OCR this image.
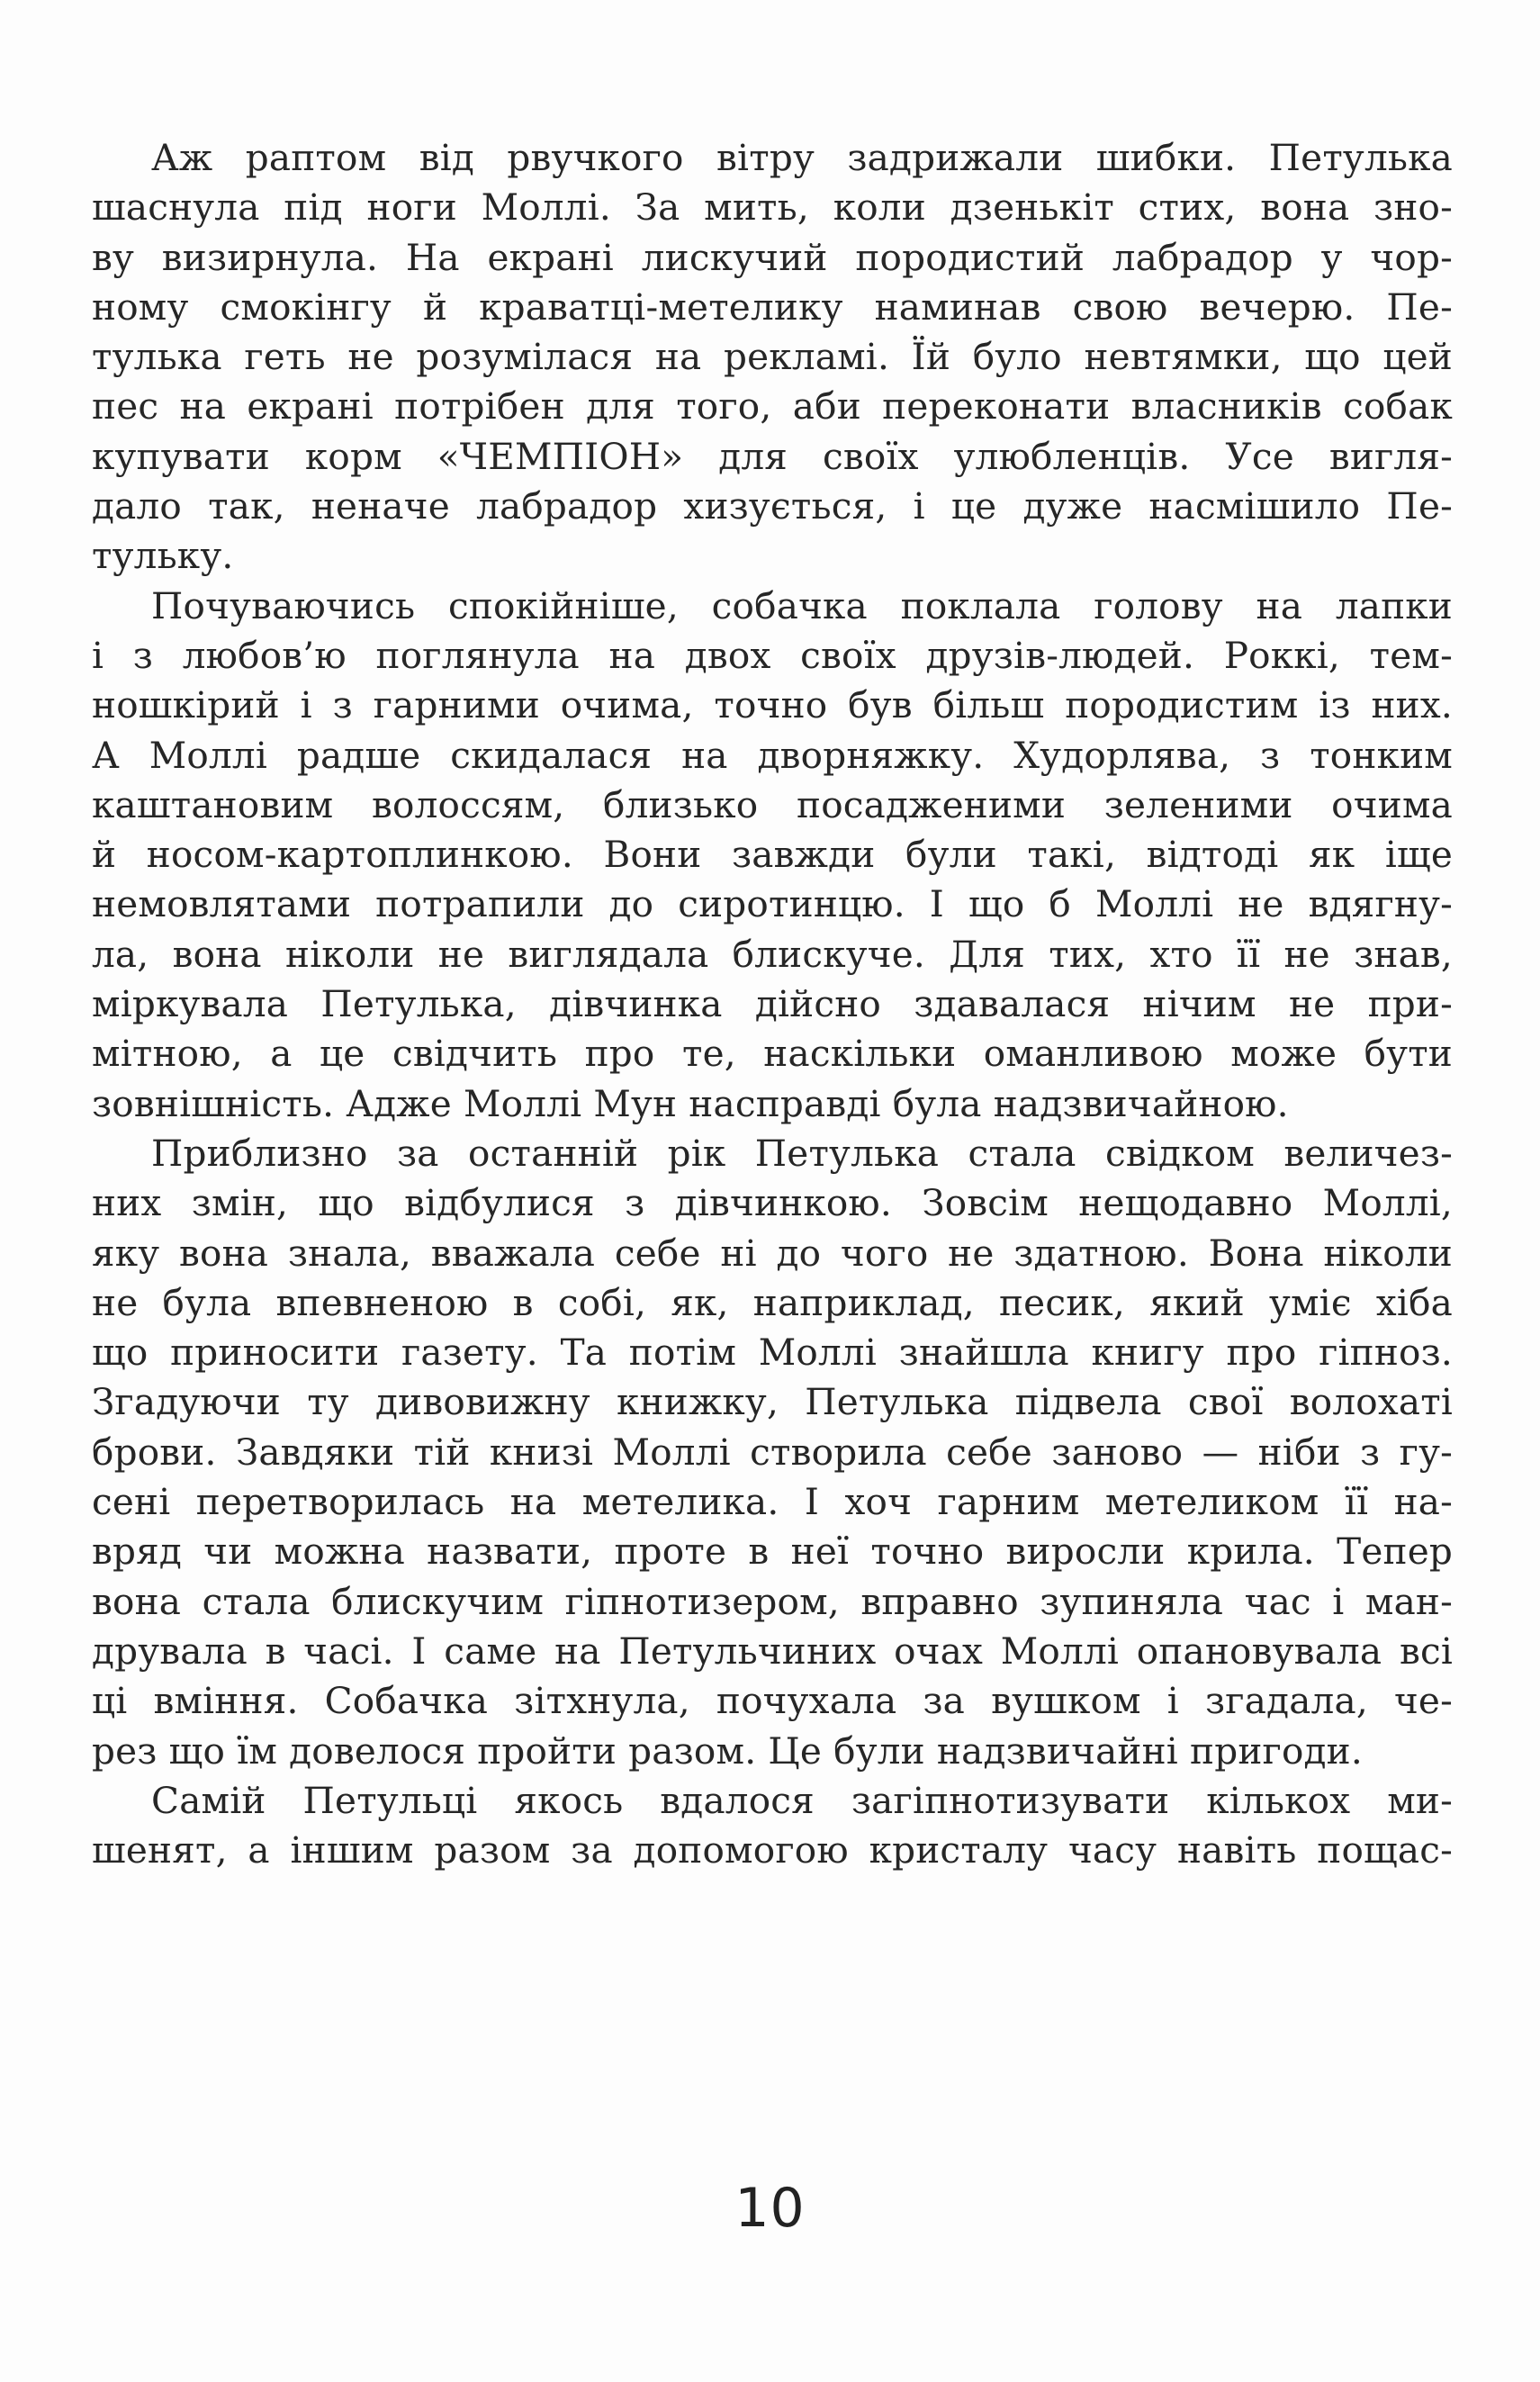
Аж раптом від рвучкого вітру задрижали шибки. Петулька
шаснула під ноги Моллі. За мить, коли дзенькіт стих, вона зно-
ву визирнула. На екрані лискучий породистий лабрадор у чор-
ному смокінгу й краватці-метелику наминав свою вечерю. Пе-
тулька геть не розумілася на рекламі. Їй було невтямки, що цей
пес на екрані потрібен для того, аби переконати власників собак
купувати корм «ЧЕМПІОН» для своїх улюбленців. Усе вигля-
дало так, неначе лабрадор хизується, і це дуже насмішило Пе-
тульку.
Почуваючись спокійніше, собачка поклала голову на лапки
і з любов’ю поглянула на двох своїх друзів-людей. Роккі, тем-
ношкірий і з гарними очима, точно був більш породистим із них.
А Моллі радше скидалася на дворняжку. Худорлява, з тонким
каштановим волоссям, близько посадженими зеленими очима
й носом-картоплинкою. Вони завжди були такі, відтоді як іще
немовлятами потрапили до сиротинцю. І що б Моллі не вдягну-
ла, вона ніколи не виглядала блискуче. Для тих, хто її не знав,
міркувала Петулька, дівчинка дійсно здавалася нічим не при-
мітною, а це свідчить про те, наскільки оманливою може бути
зовнішність. Адже Моллі Мун насправді була надзвичайною.
Приблизно за останній рік Петулька стала свідком величез-
них змін, що відбулися з дівчинкою. Зовсім нещодавно Моллі,
яку вона знала, вважала себе ні до чого не здатною. Вона ніколи
не була впевненою в собі, як, наприклад, песик, який уміє хіба
що приносити газету. Та потім Моллі знайшла книгу про гіпноз.
Згадуючи ту дивовижну книжку, Петулька підвела свої волохаті
брови. Завдяки тій книзі Моллі створила себе заново — ніби з гу-
сені перетворилась на метелика. І хоч гарним метеликом її на-
вряд чи можна назвати, проте в неї точно виросли крила. Тепер
вона стала блискучим гіпнотизером, вправно зупиняла час і ман-
друвала в часі. І саме на Петульчиних очах Моллі опановувала всі
ці вміння. Собачка зітхнула, почухала за вушком і згадала, че-
рез що їм довелося пройти разом. Це були надзвичайні пригоди.
Самій Петульці якось вдалося загіпнотизувати кількох ми-
шенят, а іншим разом за допомогою кристалу часу навіть пощас-
10
